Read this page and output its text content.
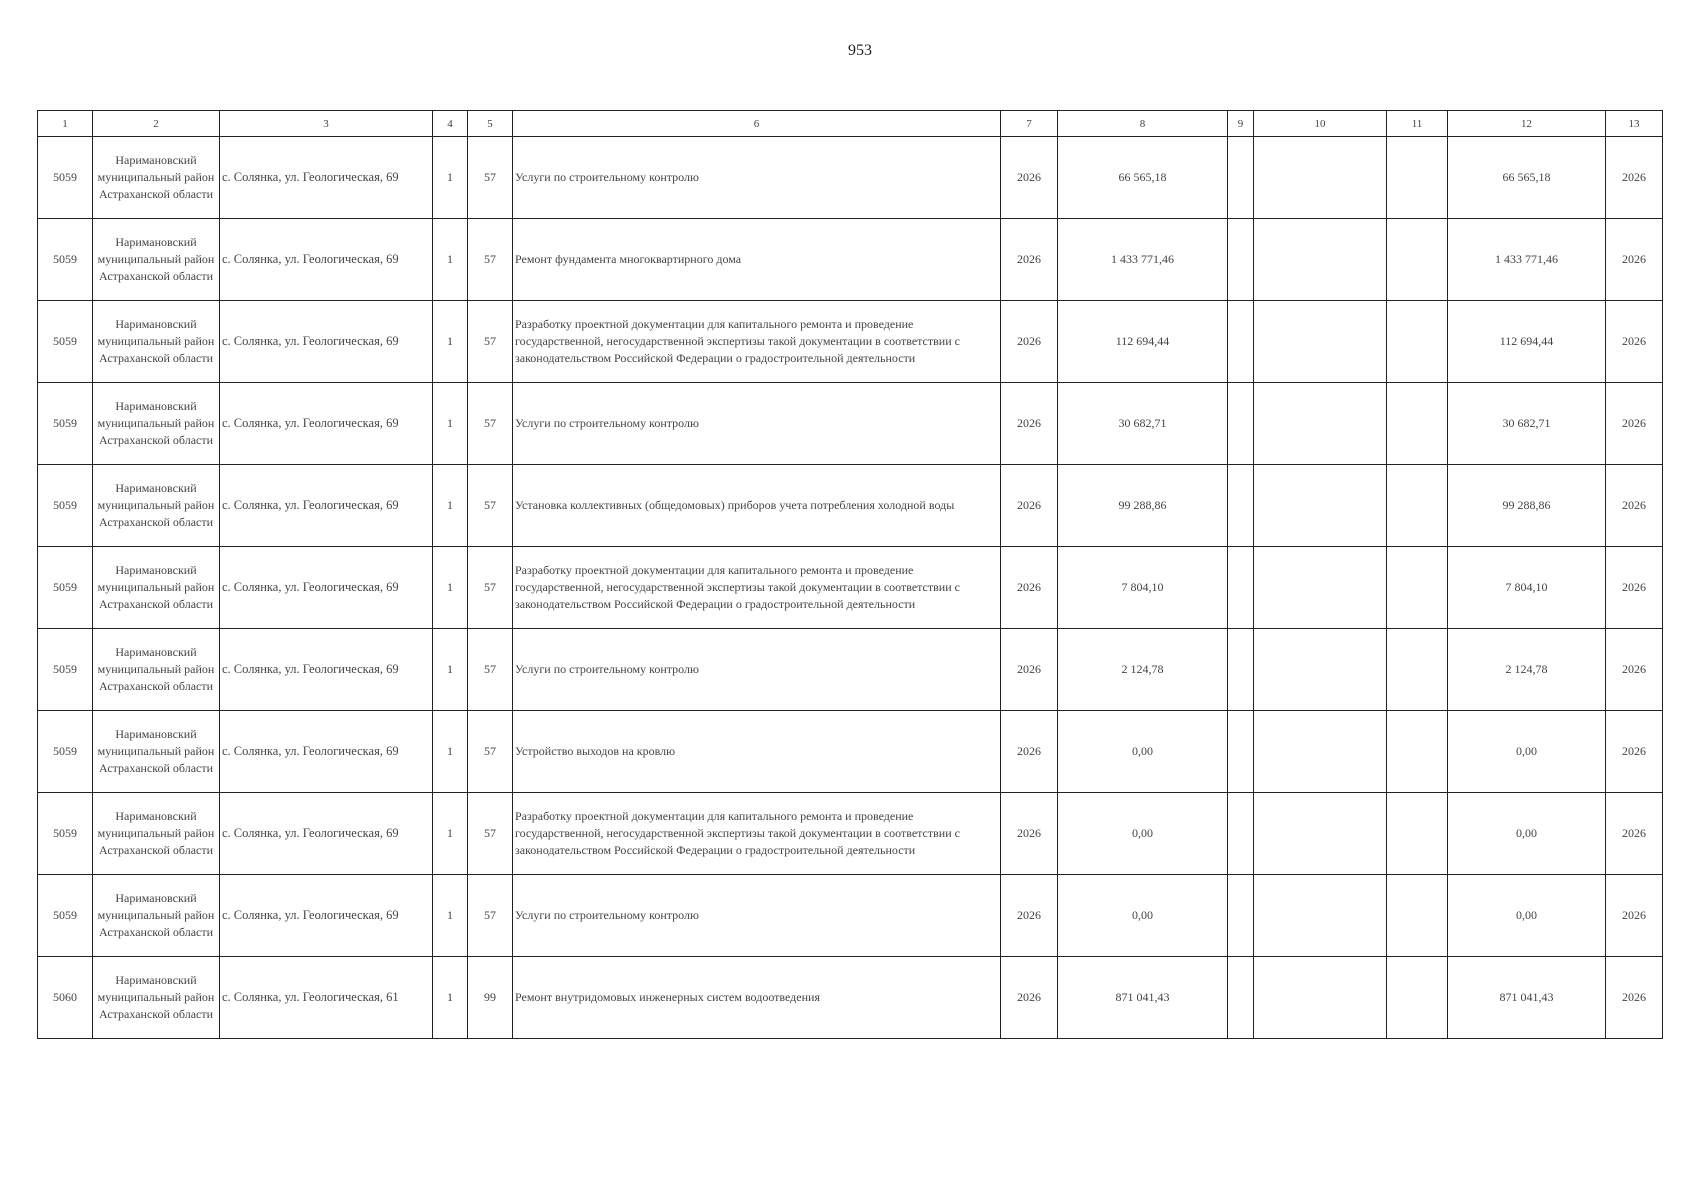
953
1	2	3	4	5	6	7	8	9	10	11	12	13
5059	Наримановский муниципальный район Астраханской области	с. Солянка, ул. Геологическая, 69	1	57	Услуги по строительному контролю	2026	66 565,18				66 565,18	2026
5059	Наримановский муниципальный район Астраханской области	с. Солянка, ул. Геологическая, 69	1	57	Ремонт фундамента многоквартирного дома	2026	1 433 771,46				1 433 771,46	2026
5059	Наримановский муниципальный район Астраханской области	с. Солянка, ул. Геологическая, 69	1	57	Разработку проектной документации для капитального ремонта и проведение государственной, негосударственной экспертизы такой документации в соответствии с законодательством Российской Федерации о градостроительной деятельности	2026	112 694,44				112 694,44	2026
5059	Наримановский муниципальный район Астраханской области	с. Солянка, ул. Геологическая, 69	1	57	Услуги по строительному контролю	2026	30 682,71				30 682,71	2026
5059	Наримановский муниципальный район Астраханской области	с. Солянка, ул. Геологическая, 69	1	57	Установка коллективных (общедомовых) приборов учета потребления холодной воды	2026	99 288,86				99 288,86	2026
5059	Наримановский муниципальный район Астраханской области	с. Солянка, ул. Геологическая, 69	1	57	Разработку проектной документации для капитального ремонта и проведение государственной, негосударственной экспертизы такой документации в соответствии с законодательством Российской Федерации о градостроительной деятельности	2026	7 804,10				7 804,10	2026
5059	Наримановский муниципальный район Астраханской области	с. Солянка, ул. Геологическая, 69	1	57	Услуги по строительному контролю	2026	2 124,78				2 124,78	2026
5059	Наримановский муниципальный район Астраханской области	с. Солянка, ул. Геологическая, 69	1	57	Устройство выходов на кровлю	2026	0,00				0,00	2026
5059	Наримановский муниципальный район Астраханской области	с. Солянка, ул. Геологическая, 69	1	57	Разработку проектной документации для капитального ремонта и проведение государственной, негосударственной экспертизы такой документации в соответствии с законодательством Российской Федерации о градостроительной деятельности	2026	0,00				0,00	2026
5059	Наримановский муниципальный район Астраханской области	с. Солянка, ул. Геологическая, 69	1	57	Услуги по строительному контролю	2026	0,00				0,00	2026
5060	Наримановский муниципальный район Астраханской области	с. Солянка, ул. Геологическая, 61	1	99	Ремонт внутридомовых инженерных систем водоотведения	2026	871 041,43				871 041,43	2026
